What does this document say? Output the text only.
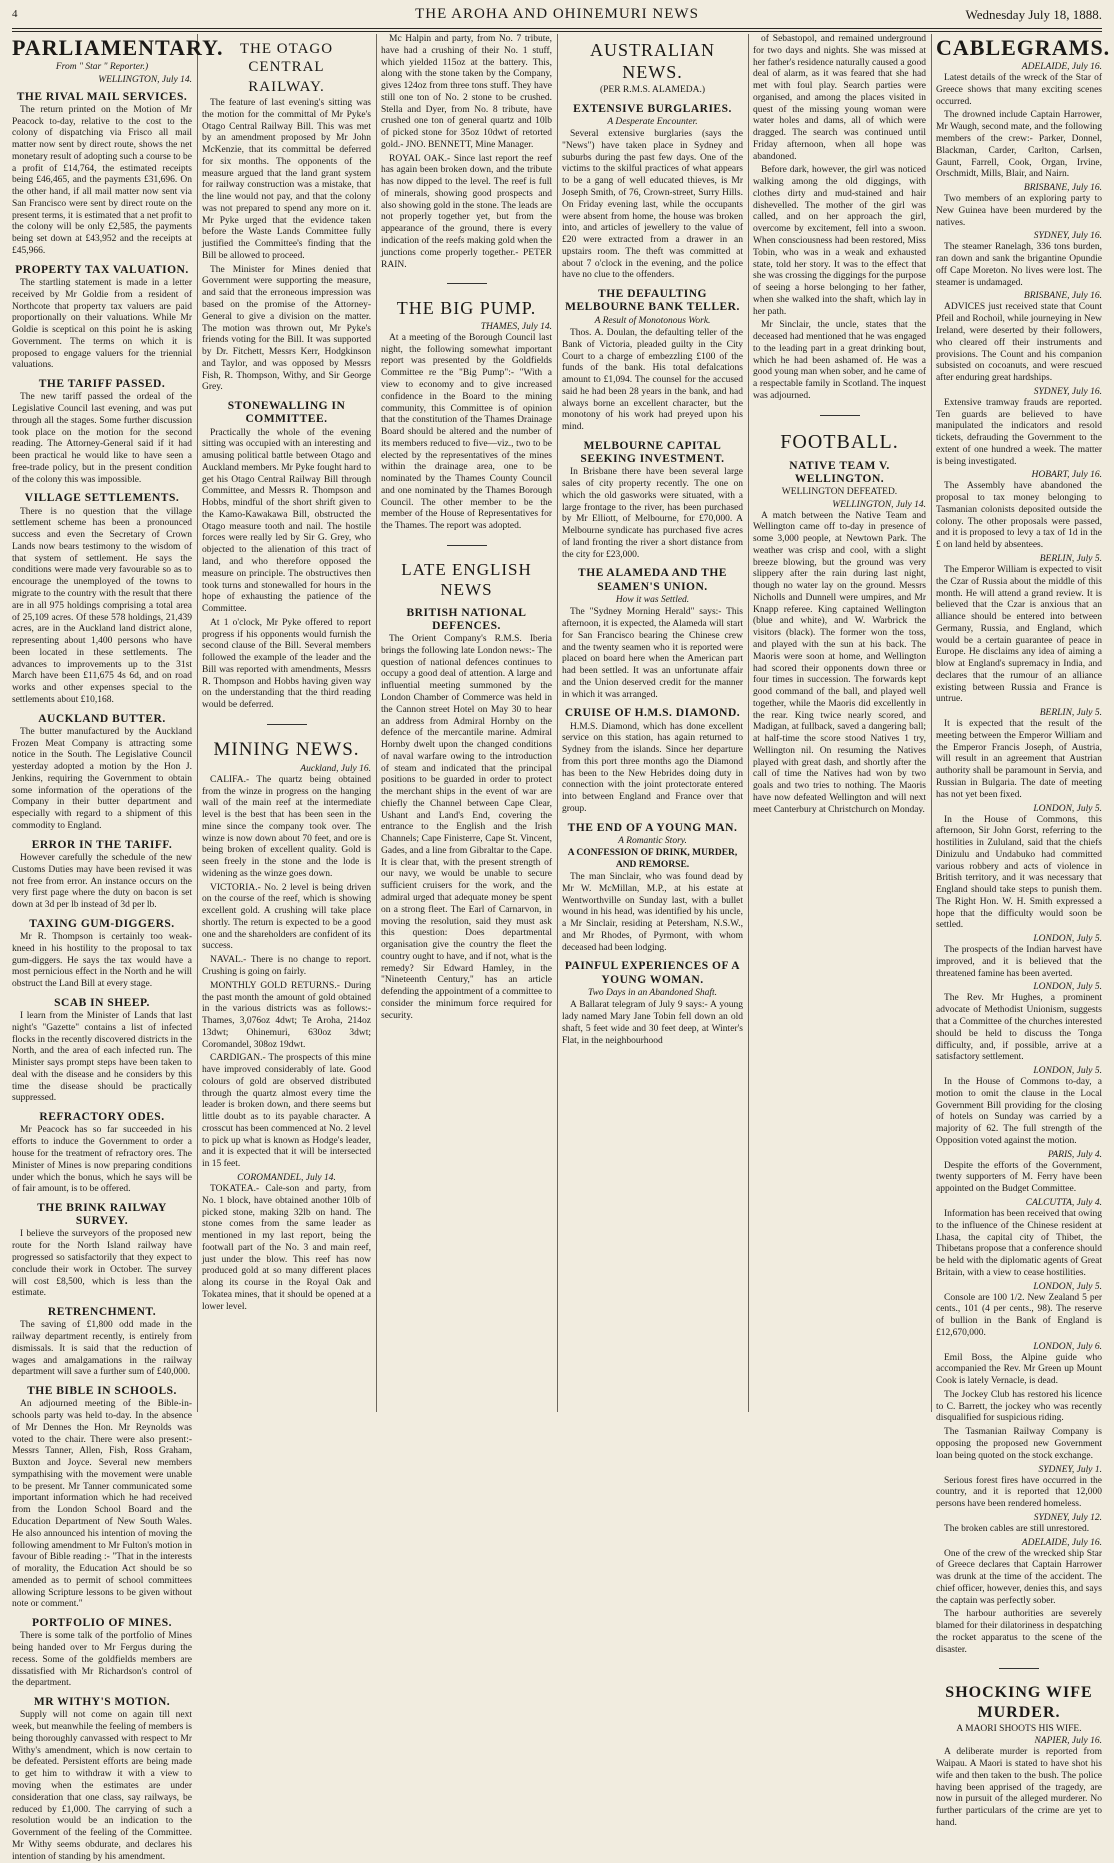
4	THE AROHA AND OHINEMURI NEWS	Wednesday July 18, 1888.
PARLIAMENTARY.
From " Star " Reporter.)
WELLINGTON, July 14.
THE RIVAL MAIL SERVICES.

The return printed on the Motion of Mr Peacock to-day, relative to the cost to the colony of dispatching via Frisco all mail matter now sent by direct route, shows the net monetary result of adopting such a course to be a profit of £14,764, the estimated receipts being £46,465, and the payments £31,696. On the other hand, if all mail matter now sent via San Francisco were sent by direct route on the present terms, it is estimated that a net profit to the colony will be only £2,585, the payments being set down at £43,952 and the receipts at £45,966.

PROPERTY TAX VALUATION.

The startling statement is made in a letter received by Mr Goldie from a resident of Northcote that property tax valuers are paid proportionally on their valuations. While Mr Goldie is sceptical on this point he is asking Government. The terms on which it is proposed to engage valuers for the triennial valuations.

THE TARIFF PASSED.

The new tariff passed the ordeal of the Legislative Council last evening, and was put through all the stages. Some further discussion took place on the motion for the second reading. The Attorney-General said if it had been practical he would like to have seen a free-trade policy, but in the present condition of the colony this was impossible.

VILLAGE SETTLEMENTS.

There is no question that the village settlement scheme has been a pronounced success and even the Secretary of Crown Lands now bears testimony to the wisdom of that system of settlement. He says the conditions were made very favourable so as to encourage the unemployed of the towns to migrate to the country with the result that there are in all 975 holdings comprising a total area of 25,109 acres. Of these 578 holdings, 21,439 acres, are in the Auckland land district alone, representing about 1,400 persons who have been located in these settlements. The advances to improvements up to the 31st March have been £11,675 4s 6d, and on road works and other expenses special to the settlements about £10,168.

AUCKLAND BUTTER.

The butter manufactured by the Auckland Frozen Meat Company is attracting some notice in the South. The Legislative Council yesterday adopted a motion by the Hon J. Jenkins, requiring the Government to obtain some information of the operations of the Company in their butter department and especially with regard to a shipment of this commodity to England.

ERROR IN THE TARIFF.

However carefully the schedule of the new Customs Duties may have been revised it was not free from error. An instance occurs on the very first page where the duty on bacon is set down at 3d per lb instead of 3d per lb.

TAXING GUM-DIGGERS.

Mr R. Thompson is certainly too weak-kneed in his hostility to the proposal to tax gum-diggers. He says the tax would have a most pernicious effect in the North and he will obstruct the Land Bill at every stage.

SCAB IN SHEEP.

I learn from the Minister of Lands that last night's "Gazette" contains a list of infected flocks in the recently discovered districts in the North, and the area of each infected run. The Minister says prompt steps have been taken to deal with the disease and he considers by this time the disease should be practically suppressed.

REFRACTORY ODES.

Mr Peacock has so far succeeded in his efforts to induce the Government to order a house for the treatment of refractory ores. The Minister of Mines is now preparing conditions under which the bonus, which he says will be of fair amount, is to be offered.

THE BRINK RAILWAY SURVEY.

I believe the surveyors of the proposed new route for the North Island railway have progressed so satisfactorily that they expect to conclude their work in October. The survey will cost £8,500, which is less than the estimate.

RETRENCHMENT.

The saving of £1,800 odd made in the railway department recently, is entirely from dismissals. It is said that the reduction of wages and amalgamations in the railway department will save a further sum of £40,000.

THE BIBLE IN SCHOOLS.

An adjourned meeting of the Bible-in-schools party was held to-day. In the absence of Mr Dennes the Hon. Mr Reynolds was voted to the chair. There were also present:- Messrs Tanner, Allen, Fish, Ross Graham, Buxton and Joyce. Several new members sympathising with the movement were unable to be present. Mr Tanner communicated some important information which he had received from the London School Board and the Education Department of New South Wales. He also announced his intention of moving the following amendment to Mr Fulton's motion in favour of Bible reading :- "That in the interests of morality, the Education Act should be so amended as to permit of school committees allowing Scripture lessons to be given without note or comment."

PORTFOLIO OF MINES.

There is some talk of the portfolio of Mines being handed over to Mr Fergus during the recess. Some of the goldfields members are dissatisfied with Mr Richardson's control of the department.

MR WITHY'S MOTION.

Supply will not come on again till next week, but meanwhile the feeling of members is being thoroughly canvassed with respect to Mr Withy's amendment, which is now certain to be defeated. Persistent efforts are being made to get him to withdraw it with a view to moving when the estimates are under consideration that one class, say railways, be reduced by £1,000. The carrying of such a resolution would be an indication to the Government of the feeling of the Committee. Mr Withy seems obdurate, and declares his intention of standing by his amendment.

THE OTAGO CENTRAL
RAILWAY.

The feature of last evening's sitting was the motion for the committal of Mr Pyke's Otago Central Railway Bill. This was met by an amendment proposed by Mr John McKenzie, that its committal be deferred for six months. The opponents of the measure argued that the land grant system for railway construction was a mistake, that the line would not pay, and that the colony was not prepared to spend any more on it. Mr Pyke urged that the evidence taken before the Waste Lands Committee fully justified the Committee's finding that the Bill be allowed to proceed.

The Minister for Mines denied that Government were supporting the measure, and said that the erroneous impression was based on the promise of the Attorney-General to give a division on the matter. The motion was thrown out, Mr Pyke's friends voting for the Bill. It was supported by Dr. Fitchett, Messrs Kerr, Hodgkinson and Taylor, and was opposed by Messrs Fish, R. Thompson, Withy, and Sir George Grey.

STONEWALLING IN COMMITTEE.

Practically the whole of the evening sitting was occupied with an interesting and amusing political battle between Otago and Auckland members. Mr Pyke fought hard to get his Otago Central Railway Bill through Committee, and Messrs R. Thompson and Hobbs, mindful of the short shrift given to the Kamo-Kawakawa Bill, obstructed the Otago measure tooth and nail. The hostile forces were really led by Sir G. Grey, who objected to the alienation of this tract of land, and who therefore opposed the measure on principle. The obstructives then took turns and stonewalled for hours in the hope of exhausting the patience of the Committee.

At 1 o'clock, Mr Pyke offered to report progress if his opponents would furnish the second clause of the Bill. Several members followed the example of the leader and the Bill was reported with amendments, Messrs R. Thompson and Hobbs having given way on the understanding that the third reading would be deferred.

MINING NEWS.
Auckland, July 16.

CALIFA.- The quartz being obtained from the winze in progress on the hanging wall of the main reef at the intermediate level is the best that has been seen in the mine since the company took over. The winze is now down about 70 feet, and ore is being broken of excellent quality. Gold is seen freely in the stone and the lode is widening as the winze goes down.

VICTORIA.- No. 2 level is being driven on the course of the reef, which is showing excellent gold. A crushing will take place shortly. The return is expected to be a good one and the shareholders are confident of its success.

NAVAL.- There is no change to report. Crushing is going on fairly.

MONTHLY GOLD RETURNS.- During the past month the amount of gold obtained in the various districts was as follows:- Thames, 3,076oz 4dwt; Te Aroha, 214oz 13dwt; Ohinemuri, 630oz 3dwt; Coromandel, 308oz 19dwt.

CARDIGAN.- The prospects of this mine have improved considerably of late. Good colours of gold are observed distributed through the quartz almost every time the leader is broken down, and there seems but little doubt as to its payable character. A crosscut has been commenced at No. 2 level to pick up what is known as Hodge's leader, and it is expected that it will be intersected in 15 feet.

COROMANDEL, July 14.

TOKATEA.- Cale-son and party, from No. 1 block, have obtained another 10lb of picked stone, making 32lb on hand. The stone comes from the same leader as mentioned in my last report, being the footwall part of the No. 3 and main reef, just under the blow. This reef has now produced gold at so many different places along its course in the Royal Oak and Tokatea mines, that it should be opened at a lower level.

Mc Halpin and party, from No. 7 tribute, have had a crushing of their No. 1 stuff, which yielded 115oz at the battery. This, along with the stone taken by the Company, gives 124oz from three tons stuff. They have still one ton of No. 2 stone to be crushed. Stella and Dyer, from No. 8 tribute, have crushed one ton of general quartz and 10lb of picked stone for 35oz 10dwt of retorted gold.- JNO. BENNETT, Mine Manager.

ROYAL OAK.- Since last report the reef has again been broken down, and the tribute has now dipped to the level. The reef is full of minerals, showing good prospects and also showing gold in the stone. The leads are not properly together yet, but from the appearance of the ground, there is every indication of the reefs making gold when the junctions come properly together.- PETER RAIN.

THE BIG PUMP.
THAMES, July 14.

At a meeting of the Borough Council last night, the following somewhat important report was presented by the Goldfields Committee re the "Big Pump":- "With a view to economy and to give increased confidence in the Board to the mining community, this Committee is of opinion that the constitution of the Thames Drainage Board should be altered and the number of its members reduced to five—viz., two to be elected by the representatives of the mines within the drainage area, one to be nominated by the Thames County Council and one nominated by the Thames Borough Council. The other member to be the member of the House of Representatives for the Thames. The report was adopted.

LATE ENGLISH NEWS
BRITISH NATIONAL DEFENCES.

The Orient Company's R.M.S. Iberia brings the following late London news:- The question of national defences continues to occupy a good deal of attention. A large and influential meeting summoned by the London Chamber of Commerce was held in the Cannon street Hotel on May 30 to hear an address from Admiral Hornby on the defence of the mercantile marine. Admiral Hornby dwelt upon the changed conditions of naval warfare owing to the introduction of steam and indicated that the principal positions to be guarded in order to protect the merchant ships in the event of war are chiefly the Channel between Cape Clear, Ushant and Land's End, covering the entrance to the English and the Irish Channels; Cape Finisterre, Cape St. Vincent, Gades, and a line from Gibraltar to the Cape. It is clear that, with the present strength of our navy, we would be unable to secure sufficient cruisers for the work, and the admiral urged that adequate money be spent on a strong fleet. The Earl of Carnarvon, in moving the resolution, said they must ask this question: Does departmental organisation give the country the fleet the country ought to have, and if not, what is the remedy? Sir Edward Hamley, in the "Nineteenth Century," has an article defending the appointment of a committee to consider the minimum force required for security.

AUSTRALIAN NEWS.
(PER R.M.S. ALAMEDA.)
EXTENSIVE BURGLARIES.
A Desperate Encounter.

Several extensive burglaries (says the "News") have taken place in Sydney and suburbs during the past few days. One of the victims to the skilful practices of what appears to be a gang of well educated thieves, is Mr Joseph Smith, of 76, Crown-street, Surry Hills. On Friday evening last, while the occupants were absent from home, the house was broken into, and articles of jewellery to the value of £20 were extracted from a drawer in an upstairs room. The theft was committed at about 7 o'clock in the evening, and the police have no clue to the offenders.

THE DEFAULTING MELBOURNE BANK TELLER.
A Result of Monotonous Work.

Thos. A. Doulan, the defaulting teller of the Bank of Victoria, pleaded guilty in the City Court to a charge of embezzling £100 of the funds of the bank. His total defalcations amount to £1,094. The counsel for the accused said he had been 28 years in the bank, and had always borne an excellent character, but the monotony of his work had preyed upon his mind.

MELBOURNE CAPITAL SEEKING INVESTMENT.

In Brisbane there have been several large sales of city property recently. The one on which the old gasworks were situated, with a large frontage to the river, has been purchased by Mr Elliott, of Melbourne, for £70,000. A Melbourne syndicate has purchased five acres of land fronting the river a short distance from the city for £23,000.

THE ALAMEDA AND THE SEAMEN'S UNION.
How it was Settled.

The "Sydney Morning Herald" says:- This afternoon, it is expected, the Alameda will start for San Francisco bearing the Chinese crew and the twenty seamen who it is reported were placed on board here when the American part had been settled. It was an unfortunate affair and the Union deserved credit for the manner in which it was arranged.

CRUISE OF H.M.S. DIAMOND.

H.M.S. Diamond, which has done excellent service on this station, has again returned to Sydney from the islands. Since her departure from this port three months ago the Diamond has been to the New Hebrides doing duty in connection with the joint protectorate entered into between England and France over that group.

THE END OF A YOUNG MAN.
A Romantic Story.
A CONFESSION OF DRINK, MURDER, AND REMORSE.

The man Sinclair, who was found dead by Mr W. McMillan, M.P., at his estate at Wentworthville on Sunday last, with a bullet wound in his head, was identified by his uncle, a Mr Sinclair, residing at Petersham, N.S.W., and Mr Rhodes, of Pyrmont, with whom deceased had been lodging.

PAINFUL EXPERIENCES OF A YOUNG WOMAN.
Two Days in an Abandoned Shaft.

A Ballarat telegram of July 9 says:- A young lady named Mary Jane Tobin fell down an old shaft, 5 feet wide and 30 feet deep, at Winter's Flat, in the neighbourhood

of Sebastopol, and remained underground for two days and nights. She was missed at her father's residence naturally caused a good deal of alarm, as it was feared that she had met with foul play. Search parties were organised, and among the places visited in quest of the missing young woman were water holes and dams, all of which were dragged. The search was continued until Friday afternoon, when all hope was abandoned.

Before dark, however, the girl was noticed walking among the old diggings, with clothes dirty and mud-stained and hair dishevelled. The mother of the girl was called, and on her approach the girl, overcome by excitement, fell into a swoon. When consciousness had been restored, Miss Tobin, who was in a weak and exhausted state, told her story. It was to the effect that she was crossing the diggings for the purpose of seeing a horse belonging to her father, when she walked into the shaft, which lay in her path.

Mr Sinclair, the uncle, states that the deceased had mentioned that he was engaged to the leading part in a great drinking bout, which he had been ashamed of. He was a good young man when sober, and he came of a respectable family in Scotland. The inquest was adjourned.

FOOTBALL.
NATIVE TEAM V. WELLINGTON.
WELLINGTON DEFEATED.
WELLINGTON, July 14.

A match between the Native Team and Wellington came off to-day in presence of some 3,000 people, at Newtown Park. The weather was crisp and cool, with a slight breeze blowing, but the ground was very slippery after the rain during last night, though no water lay on the ground. Messrs Nicholls and Dunnell were umpires, and Mr Knapp referee. King captained Wellington (blue and white), and W. Warbrick the visitors (black). The former won the toss, and played with the sun at his back. The Maoris were soon at home, and Wellington had scored their opponents down three or four times in succession. The forwards kept good command of the ball, and played well together, while the Maoris did excellently in the rear. King twice nearly scored, and Madigan, at fullback, saved a dangering ball; at half-time the score stood Natives 1 try, Wellington nil. On resuming the Natives played with great dash, and shortly after the call of time the Natives had won by two goals and two tries to nothing. The Maoris have now defeated Wellington and will next meet Canterbury at Christchurch on Monday.

CABLEGRAMS.
ADELAIDE, July 16.

Latest details of the wreck of the Star of Greece shows that many exciting scenes occurred.

The drowned include Captain Harrower, Mr Waugh, second mate, and the following members of the crew:- Parker, Donnel, Blackman, Carder, Carlton, Carlsen, Gaunt, Farrell, Cook, Organ, Irvine, Orschmidt, Mills, Blair, and Nairn.

BRISBANE, July 16.

Two members of an exploring party to New Guinea have been murdered by the natives.

SYDNEY, July 16.

The steamer Ranelagh, 336 tons burden, ran down and sank the brigantine Opundie off Cape Moreton. No lives were lost. The steamer is undamaged.

BRISBANE, July 16.

ADVICES just received state that Count Pfeil and Rochoil, while journeying in New Ireland, were deserted by their followers, who cleared off their instruments and provisions. The Count and his companion subsisted on cocoanuts, and were rescued after enduring great hardships.

SYDNEY, July 16.

Extensive tramway frauds are reported. Ten guards are believed to have manipulated the indicators and resold tickets, defrauding the Government to the extent of one hundred a week. The matter is being investigated.

HOBART, July 16.

The Assembly have abandoned the proposal to tax money belonging to Tasmanian colonists deposited outside the colony. The other proposals were passed, and it is proposed to levy a tax of 1d in the £ on land held by absentees.

BERLIN, July 5.

The Emperor William is expected to visit the Czar of Russia about the middle of this month. He will attend a grand review. It is believed that the Czar is anxious that an alliance should be entered into between Germany, Russia, and England, which would be a certain guarantee of peace in Europe. He disclaims any idea of aiming a blow at England's supremacy in India, and declares that the rumour of an alliance existing between Russia and France is untrue.

BERLIN, July 5.

It is expected that the result of the meeting between the Emperor William and the Emperor Francis Joseph, of Austria, will result in an agreement that Austrian authority shall be paramount in Servia, and Russian in Bulgaria. The date of meeting has not yet been fixed.

LONDON, July 5.

In the House of Commons, this afternoon, Sir John Gorst, referring to the hostilities in Zululand, said that the chiefs Dinizulu and Undabuko had committed various robbery and acts of violence in British territory, and it was necessary that England should take steps to punish them. The Right Hon. W. H. Smith expressed a hope that the difficulty would soon be settled.

LONDON, July 5.

The prospects of the Indian harvest have improved, and it is believed that the threatened famine has been averted.

LONDON, July 5.

The Rev. Mr Hughes, a prominent advocate of Methodist Unionism, suggests that a Committee of the churches interested should be held to discuss the Tonga difficulty, and, if possible, arrive at a satisfactory settlement.

LONDON, July 5.

In the House of Commons to-day, a motion to omit the clause in the Local Government Bill providing for the closing of hotels on Sunday was carried by a majority of 62. The full strength of the Opposition voted against the motion.

PARIS, July 4.

Despite the efforts of the Government, twenty supporters of M. Ferry have been appointed on the Budget Committee.

CALCUTTA, July 4.

Information has been received that owing to the influence of the Chinese resident at Lhasa, the capital city of Thibet, the Thibetans propose that a conference should be held with the diplomatic agents of Great Britain, with a view to cease hostilities.

LONDON, July 5.

Console are 100 1/2. New Zealand 5 per cents., 101 (4 per cents., 98). The reserve of bullion in the Bank of England is £12,670,000.

LONDON, July 6.

Emil Boss, the Alpine guide who accompanied the Rev. Mr Green up Mount Cook is lately Vernacle, is dead.

The Jockey Club has restored his licence to C. Barrett, the jockey who was recently disqualified for suspicious riding.

The Tasmanian Railway Company is opposing the proposed new Government loan being quoted on the stock exchange.

SYDNEY, July 1.

Serious forest fires have occurred in the country, and it is reported that 12,000 persons have been rendered homeless.

SYDNEY, July 12.

The broken cables are still unrestored.

ADELAIDE, July 16.

One of the crew of the wrecked ship Star of Greece declares that Captain Harrower was drunk at the time of the accident. The chief officer, however, denies this, and says the captain was perfectly sober.

The harbour authorities are severely blamed for their dilatoriness in despatching the rocket apparatus to the scene of the disaster.

SHOCKING WIFE MURDER.
A MAORI SHOOTS HIS WIFE.
NAPIER, July 16.

A deliberate murder is reported from Waipau. A Maori is stated to have shot his wife and then taken to the bush. The police having been apprised of the tragedy, are now in pursuit of the alleged murderer. No further particulars of the crime are yet to hand.
